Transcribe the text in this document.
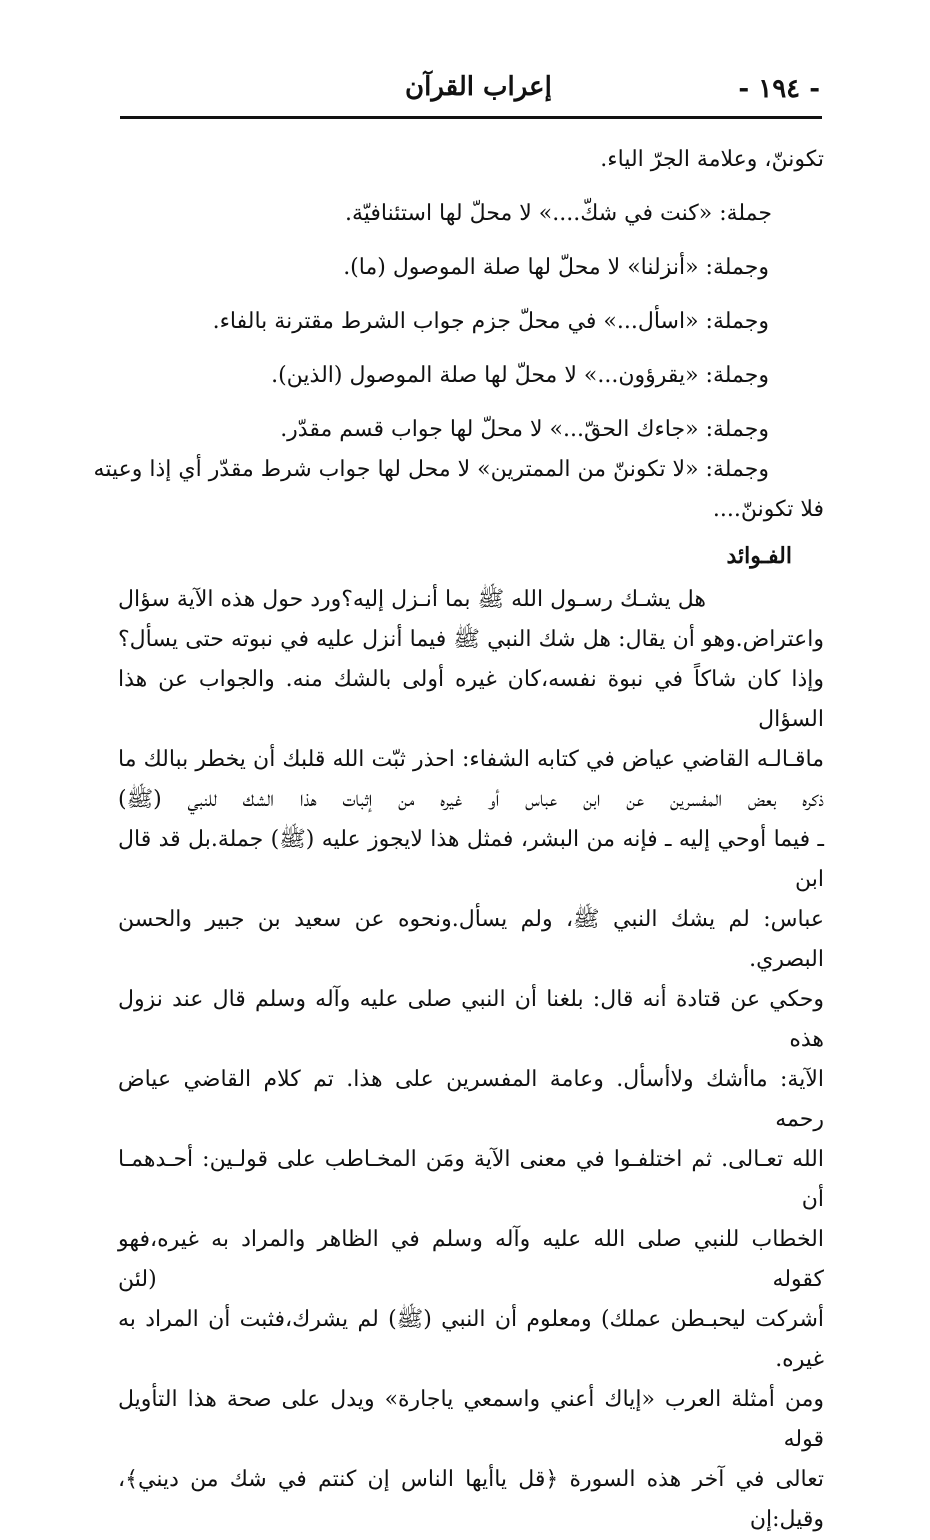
- ١٩٤ -
إعراب القرآن
تكوننّ، وعلامة الجرّ الياء.
جملة: «كنت في شكّ....» لا محلّ لها استئنافيّة.
وجملة: «أنزلنا» لا محلّ لها صلة الموصول (ما).
وجملة: «اسأل...» في محلّ جزم جواب الشرط مقترنة بالفاء.
وجملة: «يقرؤون...» لا محلّ لها صلة الموصول (الذين).
وجملة: «جاءك الحقّ...» لا محلّ لها جواب قسم مقدّر.
وجملة: «لا تكوننّ من الممترين» لا محل لها جواب شرط مقدّر أي إذا وعيته
فلا تكوننّ....
الفـوائد
هل يشـك رسـول الله ﷺ بما أنـزل إليه؟ورد حول هذه الآية سؤال
واعتراض.وهو أن يقال: هل شك النبي ﷺ فيما أنزل عليه في نبوته حتى يسأل؟
وإذا كان شاكاً في نبوة نفسه،كان غيره أولى بالشك منه. والجواب عن هذا السؤال
ماقـالـه القاضي عياض في كتابه الشفاء: احذر ثبّت الله قلبك أن يخطر ببالك ما
ذكره بعض المفسرين عن ابن عباس أو غيره من إثبات هذا الشك للنبي (ﷺ)
ـ فيما أوحي إليه ـ فإنه من البشر، فمثل هذا لايجوز عليه (ﷺ) جملة.بل قد قال ابن
عباس: لم يشك النبي ﷺ، ولم يسأل.ونحوه عن سعيد بن جبير والحسن البصري.
وحكي عن قتادة أنه قال: بلغنا أن النبي صلى عليه وآله وسلم قال عند نزول هذه
الآية: ماأشك ولاأسأل. وعامة المفسرين على هذا. تم كلام القاضي عياض رحمه
الله تعـالى. ثم اختلفـوا في معنى الآية ومَن المخـاطب على قولـين: أحـدهمـا أن
الخطاب للنبي صلى الله عليه وآله وسلم في الظاهر والمراد به غيره،فهو كقوله (لئن
أشركت ليحبـطن عملك) ومعلوم أن النبي (ﷺ) لم يشرك،فثبت أن المراد به غيره.
ومن أمثلة العرب «إياك أعني واسمعي ياجارة» ويدل على صحة هذا التأويل قوله
تعالى في آخر هذه السورة ﴿قل ياأيها الناس إن كنتم في شك من ديني﴾، وقيل:إن
